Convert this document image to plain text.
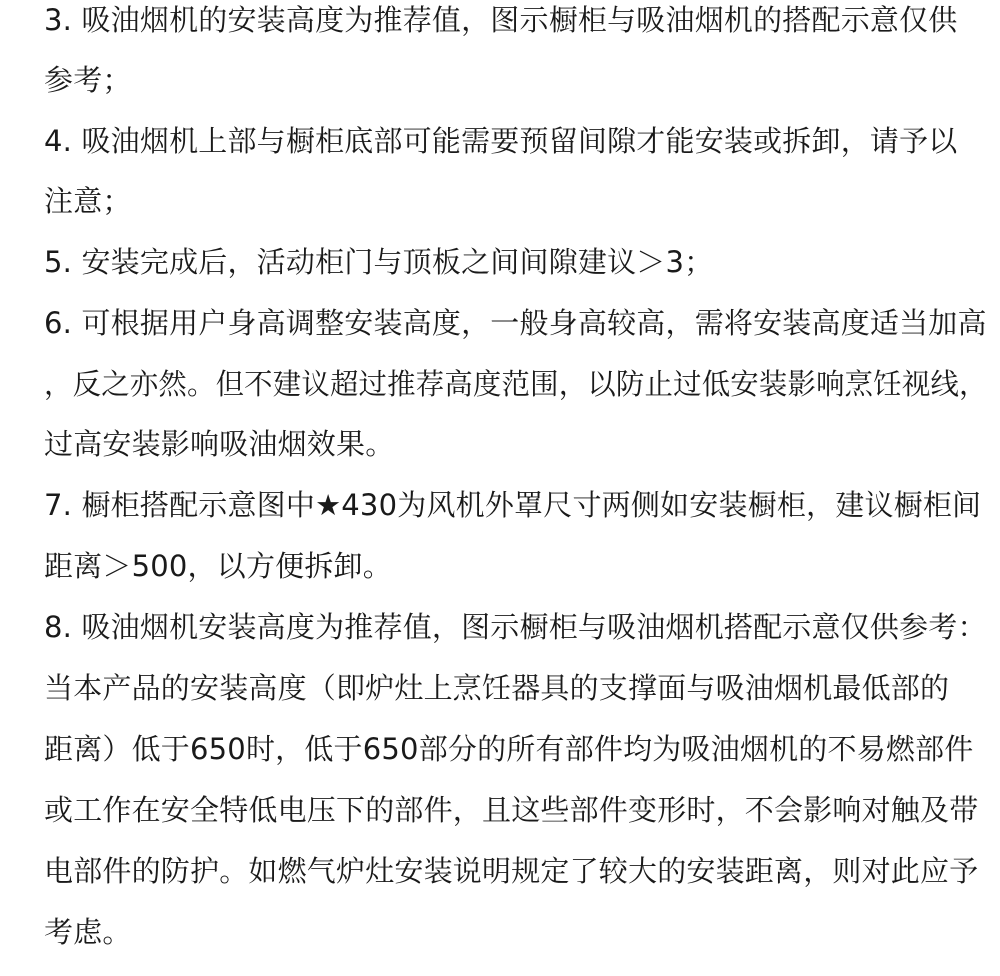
3. 吸油烟机的安装高度为推荐值，图示橱柜与吸油烟机的搭配示意仅供
参考；
4. 吸油烟机上部与橱柜底部可能需要预留间隙才能安装或拆卸，请予以
注意；
5. 安装完成后，活动柜门与顶板之间间隙建议＞3；
6. 可根据用户身高调整安装高度，一般身高较高，需将安装高度适当加高
，反之亦然。但不建议超过推荐高度范围，以防止过低安装影响烹饪视线，
过高安装影响吸油烟效果。
7. 橱柜搭配示意图中★430为风机外罩尺寸两侧如安装橱柜，建议橱柜间
距离＞500，以方便拆卸。
8. 吸油烟机安装高度为推荐值，图示橱柜与吸油烟机搭配示意仅供参考：
当本产品的安装高度（即炉灶上烹饪器具的支撑面与吸油烟机最低部的
距离）低于650时，低于650部分的所有部件均为吸油烟机的不易燃部件
或工作在安全特低电压下的部件，且这些部件变形时，不会影响对触及带
电部件的防护。如燃气炉灶安装说明规定了较大的安装距离，则对此应予
考虑。
